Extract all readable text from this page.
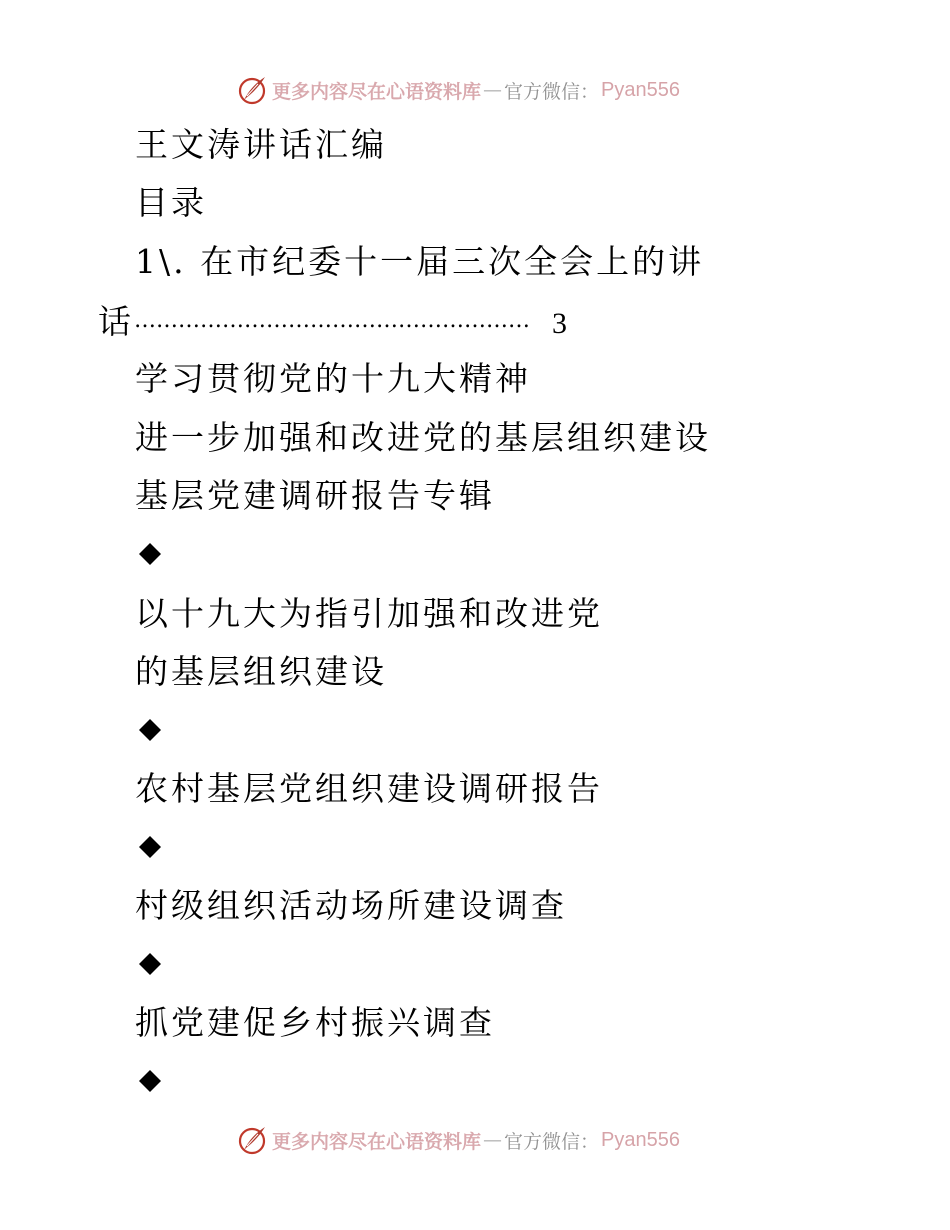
更多内容尽在心语资料库 — 官方微信： Pyan556
王文涛讲话汇编
目录
1\. 在市纪委十一届三次全会上的讲
话……………………………………………… 3
学习贯彻党的十九大精神
进一步加强和改进党的基层组织建设
基层党建调研报告专辑
以十九大为指引加强和改进党
的基层组织建设
农村基层党组织建设调研报告
村级组织活动场所建设调查
抓党建促乡村振兴调查
更多内容尽在心语资料库 — 官方微信： Pyan556
